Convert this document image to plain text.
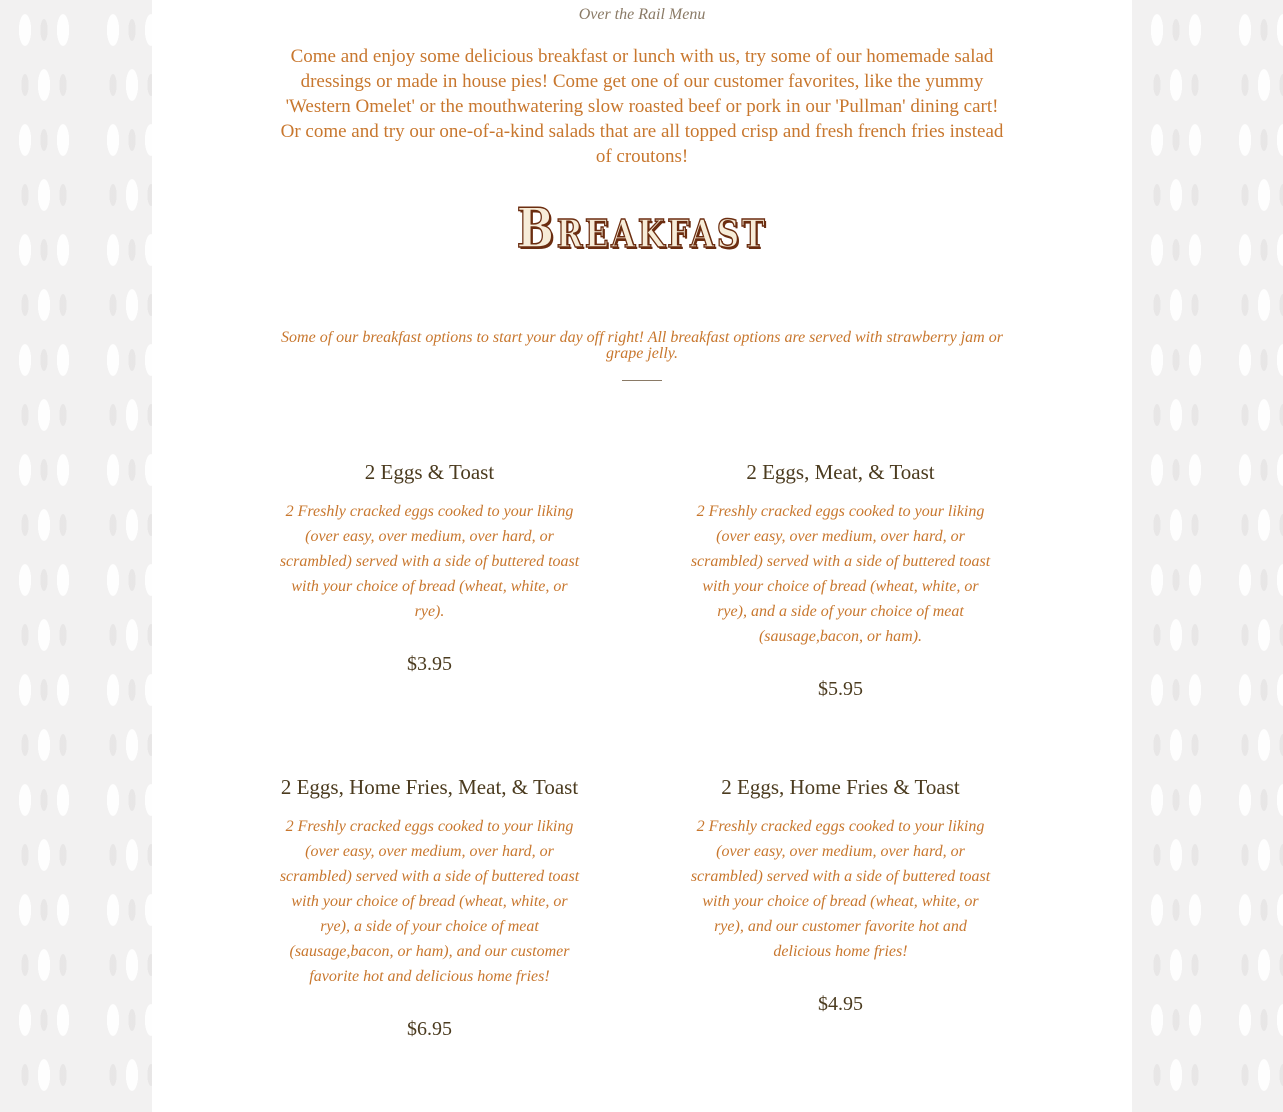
Over the Rail Menu

Come and enjoy some delicious breakfast or lunch with us, try some of our homemade salad dressings or made in house pies! Come get one of our customer favorites, like the yummy 'Western Omelet' or the mouthwatering slow roasted beef or pork in our 'Pullman' dining cart! Or come and try our one-of-a-kind salads that are all topped crisp and fresh french fries instead of croutons!

Breakfast

Some of our breakfast options to start your day off right! All breakfast options are served with strawberry jam or grape jelly.

2 Eggs & Toast

2 Freshly cracked eggs cooked to your liking (over easy, over medium, over hard, or scrambled) served with a side of buttered toast with your choice of bread (wheat, white, or rye).

$3.95

2 Eggs, Meat, & Toast

2 Freshly cracked eggs cooked to your liking (over easy, over medium, over hard, or scrambled) served with a side of buttered toast with your choice of bread (wheat, white, or rye), and a side of your choice of meat (sausage,bacon, or ham).

$5.95

2 Eggs, Home Fries, Meat, & Toast

2 Freshly cracked eggs cooked to your liking (over easy, over medium, over hard, or scrambled) served with a side of buttered toast with your choice of bread (wheat, white, or rye), a side of your choice of meat (sausage,bacon, or ham), and our customer favorite hot and delicious home fries!

$6.95

2 Eggs, Home Fries & Toast

2 Freshly cracked eggs cooked to your liking (over easy, over medium, over hard, or scrambled) served with a side of buttered toast with your choice of bread (wheat, white, or rye), and our customer favorite hot and delicious home fries!

$4.95
